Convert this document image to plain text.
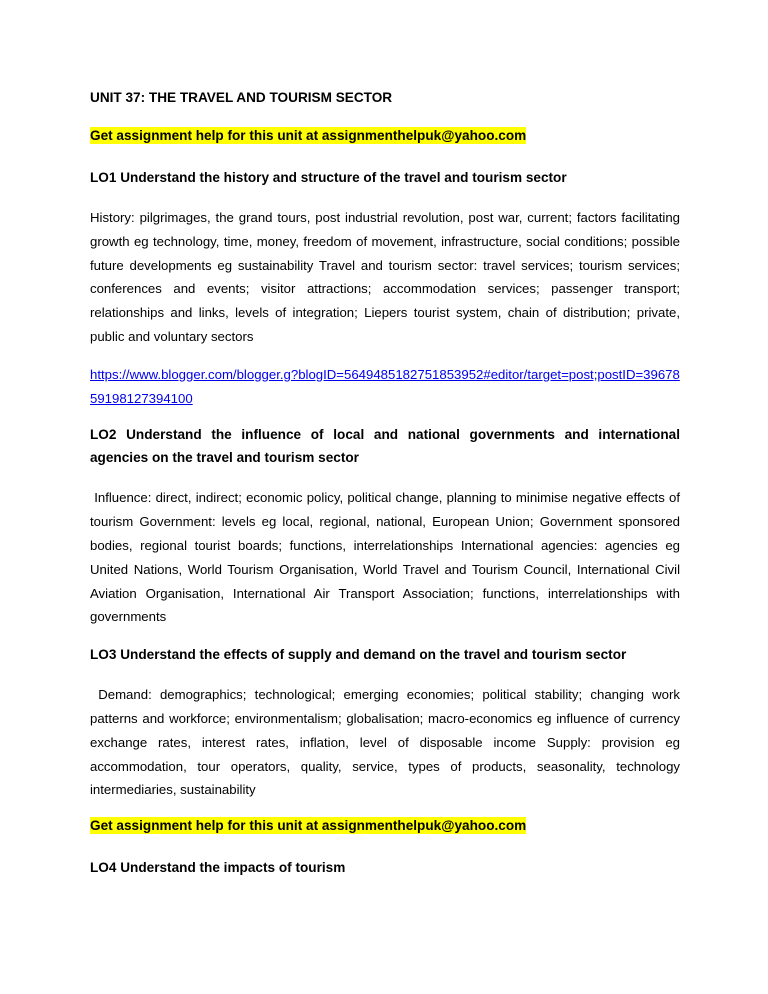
UNIT 37: THE TRAVEL AND TOURISM SECTOR
Get assignment help for this unit at assignmenthelpuk@yahoo.com
LO1 Understand the history and structure of the travel and tourism sector
History: pilgrimages, the grand tours, post industrial revolution, post war, current; factors facilitating growth eg technology, time, money, freedom of movement, infrastructure, social conditions; possible future developments eg sustainability Travel and tourism sector: travel services; tourism services; conferences and events; visitor attractions; accommodation services; passenger transport; relationships and links, levels of integration; Liepers tourist system, chain of distribution; private, public and voluntary sectors
https://www.blogger.com/blogger.g?blogID=5649485182751853952#editor/target=post;postID=3967859198127394100
LO2 Understand the influence of local and national governments and international agencies on the travel and tourism sector
Influence: direct, indirect; economic policy, political change, planning to minimise negative effects of tourism Government: levels eg local, regional, national, European Union; Government sponsored bodies, regional tourist boards; functions, interrelationships International agencies: agencies eg United Nations, World Tourism Organisation, World Travel and Tourism Council, International Civil Aviation Organisation, International Air Transport Association; functions, interrelationships with governments
LO3 Understand the effects of supply and demand on the travel and tourism sector
Demand: demographics; technological; emerging economies; political stability; changing work patterns and workforce; environmentalism; globalisation; macro-economics eg influence of currency exchange rates, interest rates, inflation, level of disposable income Supply: provision eg accommodation, tour operators, quality, service, types of products, seasonality, technology intermediaries, sustainability
Get assignment help for this unit at assignmenthelpuk@yahoo.com
LO4 Understand the impacts of tourism
